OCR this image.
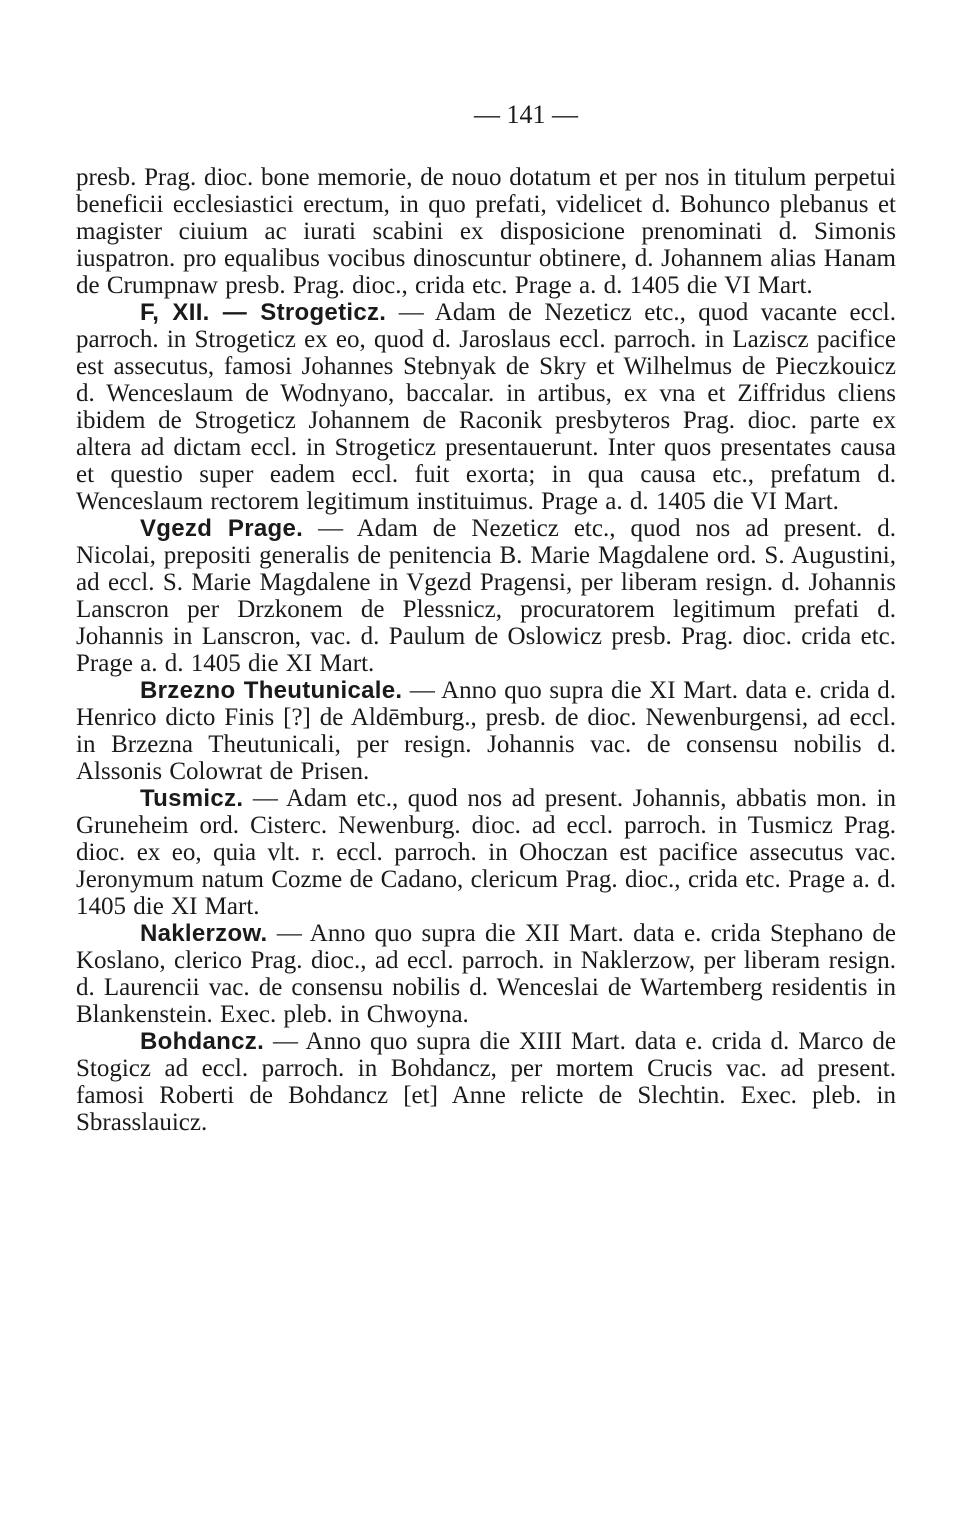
— 141 —

presb. Prag. dioc. bone memorie, de nouo dotatum et per nos in titulum perpetui beneficii ecclesiastici erectum, in quo prefati, videlicet d. Bohunco plebanus et magister ciuium ac iurati scabini ex disposicione prenominati d. Simonis iuspatron. pro equalibus vocibus dinoscuntur obtinere, d. Johannem alias Hanam de Crumpnaw presb. Prag. dioc., crida etc. Prage a. d. 1405 die VI Mart.

F, XII. — Strogeticz. — Adam de Nezeticz etc., quod vacante eccl. parroch. in Strogeticz ex eo, quod d. Jaroslaus eccl. parroch. in Laziscz pacifice est assecutus, famosi Johannes Stebnyak de Skry et Wilhelmus de Pieczkouicz d. Wenceslaum de Wodnyano, baccalar. in artibus, ex vna et Ziffridus cliens ibidem de Strogeticz Johannem de Raconik presbyteros Prag. dioc. parte ex altera ad dictam eccl. in Strogeticz presentauerunt. Inter quos presentates causa et questio super eadem eccl. fuit exorta; in qua causa etc., prefatum d. Wenceslaum rectorem legitimum instituimus. Prage a. d. 1405 die VI Mart.

Vgezd Prage. — Adam de Nezeticz etc., quod nos ad present. d. Nicolai, prepositi generalis de penitencia B. Marie Magdalene ord. S. Augustini, ad eccl. S. Marie Magdalene in Vgezd Pragensi, per liberam resign. d. Johannis Lanscron per Drzkonem de Plessnicz, procuratorem legitimum prefati d. Johannis in Lanscron, vac. d. Paulum de Oslowicz presb. Prag. dioc. crida etc. Prage a. d. 1405 die XI Mart.

Brzezno Theutunicale. — Anno quo supra die XI Mart. data e. crida d. Henrico dicto Finis [?] de Aldēmburg., presb. de dioc. Newenburgensi, ad eccl. in Brzezna Theutunicali, per resign. Johannis vac. de consensu nobilis d. Alssonis Colowrat de Prisen.

Tusmicz. — Adam etc., quod nos ad present. Johannis, abbatis mon. in Gruneheim ord. Cisterc. Newenburg. dioc. ad eccl. parroch. in Tusmicz Prag. dioc. ex eo, quia vlt. r. eccl. parroch. in Ohoczan est pacifice assecutus vac. Jeronymum natum Cozme de Cadano, clericum Prag. dioc., crida etc. Prage a. d. 1405 die XI Mart.

Naklerzow. — Anno quo supra die XII Mart. data e. crida Stephano de Koslano, clerico Prag. dioc., ad eccl. parroch. in Naklerzow, per liberam resign. d. Laurencii vac. de consensu nobilis d. Wenceslai de Wartemberg residentis in Blankenstein. Exec. pleb. in Chwoyna.

Bohdancz. — Anno quo supra die XIII Mart. data e. crida d. Marco de Stogicz ad eccl. parroch. in Bohdancz, per mortem Crucis vac. ad present. famosi Roberti de Bohdancz [et] Anne relicte de Slechtin. Exec. pleb. in Sbrasslauicz.
